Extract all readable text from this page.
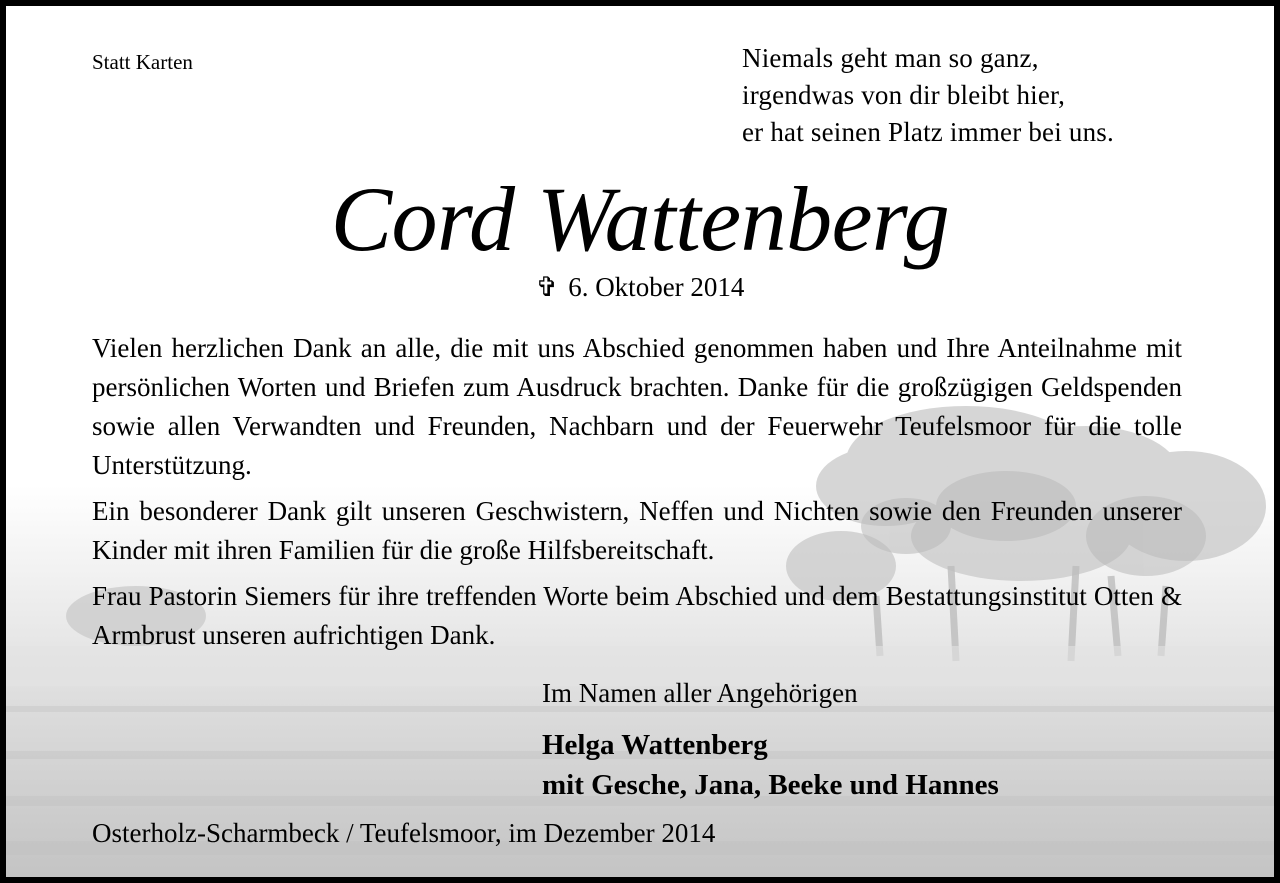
Statt Karten	Niemals geht man so ganz,
irgendwas von dir bleibt hier,
er hat seinen Platz immer bei uns.
Cord Wattenberg
✞ 6. Oktober 2014

Vielen herzlichen Dank an alle, die mit uns Abschied genommen haben und Ihre Anteilnahme mit persönlichen Worten und Briefen zum Ausdruck brachten. Danke für die großzügigen Geldspenden sowie allen Verwandten und Freunden, Nachbarn und der Feuerwehr Teufelsmoor für die tolle Unterstützung.

Ein besonderer Dank gilt unseren Geschwistern, Neffen und Nichten sowie den Freunden unserer Kinder mit ihren Familien für die große Hilfsbereitschaft.

Frau Pastorin Siemers für ihre treffenden Worte beim Abschied und dem Bestattungsinstitut Otten & Armbrust unseren aufrichtigen Dank.

Im Namen aller Angehörigen
Helga Wattenberg
mit Gesche, Jana, Beeke und Hannes
Osterholz-Scharmbeck / Teufelsmoor, im Dezember 2014
